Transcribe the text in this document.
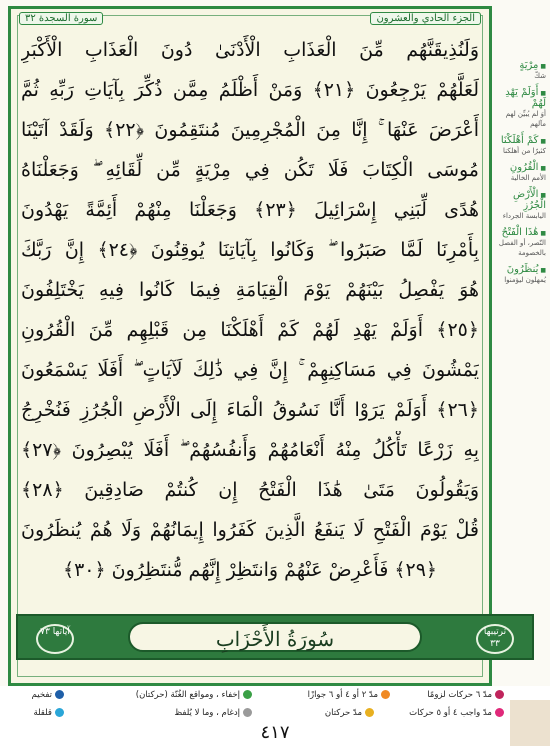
سورة السجدة ٣٢	الجزء الحادي والعشرون
وَلَنُذِيقَنَّهُم مِّنَ الْعَذَابِ الْأَدْنَىٰ دُونَ الْعَذَابِ الْأَكْبَرِ
لَعَلَّهُمْ يَرْجِعُونَ ﴿٢١﴾ وَمَنْ أَظْلَمُ مِمَّن ذُكِّرَ بِآيَاتِ رَبِّهِ ثُمَّ
أَعْرَضَ عَنْهَا ۚ إِنَّا مِنَ الْمُجْرِمِينَ مُنتَقِمُونَ ﴿٢٢﴾ وَلَقَدْ آتَيْنَا
مُوسَى الْكِتَابَ فَلَا تَكُن فِي مِرْيَةٍ مِّن لِّقَائِهِ ۖ وَجَعَلْنَاهُ
هُدًى لِّبَنِي إِسْرَائِيلَ ﴿٢٣﴾ وَجَعَلْنَا مِنْهُمْ أَئِمَّةً يَهْدُونَ
بِأَمْرِنَا لَمَّا صَبَرُوا ۖ وَكَانُوا بِآيَاتِنَا يُوقِنُونَ ﴿٢٤﴾ إِنَّ رَبَّكَ
هُوَ يَفْصِلُ بَيْنَهُمْ يَوْمَ الْقِيَامَةِ فِيمَا كَانُوا فِيهِ يَخْتَلِفُونَ
﴿٢٥﴾ أَوَلَمْ يَهْدِ لَهُمْ كَمْ أَهْلَكْنَا مِن قَبْلِهِم مِّنَ الْقُرُونِ
يَمْشُونَ فِي مَسَاكِنِهِمْ ۚ إِنَّ فِي ذَٰلِكَ لَآيَاتٍ ۖ أَفَلَا يَسْمَعُونَ
﴿٢٦﴾ أَوَلَمْ يَرَوْا أَنَّا نَسُوقُ الْمَاءَ إِلَى الْأَرْضِ الْجُرُزِ فَنُخْرِجُ
بِهِ زَرْعًا تَأْكُلُ مِنْهُ أَنْعَامُهُمْ وَأَنفُسُهُمْ ۖ أَفَلَا يُبْصِرُونَ ﴿٢٧﴾
وَيَقُولُونَ مَتَىٰ هَٰذَا الْفَتْحُ إِن كُنتُمْ صَادِقِينَ ﴿٢٨﴾
قُلْ يَوْمَ الْفَتْحِ لَا يَنفَعُ الَّذِينَ كَفَرُوا إِيمَانُهُمْ وَلَا هُمْ يُنظَرُونَ
﴿٢٩﴾ فَأَعْرِضْ عَنْهُمْ وَانتَظِرْ إِنَّهُم مُّنتَظِرُونَ ﴿٣٠﴾
آياتها ٧٣	سُورَةُ الأَحْزَابِ	ترتيبها ٣٣
■ مِرْيَةٍ
شكّ
■ أَوَلَمْ يَهْدِ لَهُمْ
أوَ لم يُبيِّن لهم مآلهم
■ كَمْ أَهْلَكْنَا
كثيرًا من أهلكنا
■ الْقُرُونِ
الأمم الخالية
■ الْأَرْضِ الْجُرُزِ
اليابسة الجرداء
■ هَٰذَا الْفَتْحُ
النّصر، أو الفصل بالخصومة
■ يُنظَرُونَ
يُمهلون ليؤمنوا
مدّ ٦ حركات لزومًا
مدّ ٢ أو ٤ أو ٦ جوازًا
إخفاء ، ومواقع الغُنّة (حركتان)
تفخيم
مدّ واجب ٤ أو ٥ حركات
مدّ حركتان
إدغام ، وما لا يُلفظ
قلقلة
٤١٧
